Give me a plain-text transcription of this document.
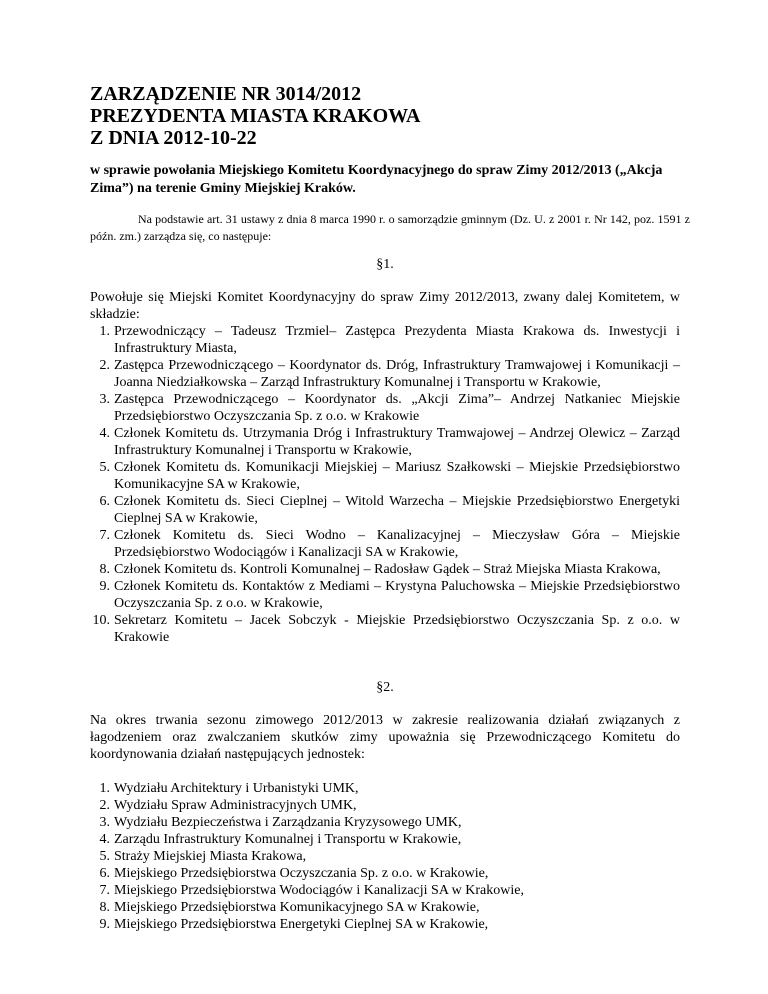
ZARZĄDZENIE NR 3014/2012

PREZYDENTA MIASTA KRAKOWA

Z DNIA 2012-10-22

w sprawie powołania Miejskiego Komitetu Koordynacyjnego do spraw Zimy 2012/2013 („Akcja Zima”) na terenie Gminy Miejskiej Kraków.
Na podstawie art. 31 ustawy z dnia 8 marca 1990 r. o samorządzie gminnym (Dz. U. z 2001 r. Nr 142, poz. 1591 z późn. zm.) zarządza się, co następuje:
§1.
Powołuje się Miejski Komitet Koordynacyjny do spraw Zimy 2012/2013, zwany dalej Komitetem, w składzie:
1. Przewodniczący – Tadeusz Trzmiel– Zastępca Prezydenta Miasta Krakowa ds. Inwestycji i Infrastruktury Miasta,
2. Zastępca Przewodniczącego – Koordynator ds. Dróg, Infrastruktury Tramwajowej i Komunikacji – Joanna Niedziałkowska – Zarząd Infrastruktury Komunalnej i Transportu w Krakowie,
3. Zastępca Przewodniczącego – Koordynator ds. „Akcji Zima”– Andrzej Natkaniec Miejskie Przedsiębiorstwo Oczyszczania Sp. z o.o. w Krakowie
4. Członek Komitetu ds. Utrzymania Dróg i Infrastruktury Tramwajowej – Andrzej Olewicz – Zarząd Infrastruktury Komunalnej i Transportu w Krakowie,
5. Członek Komitetu ds. Komunikacji Miejskiej – Mariusz Szałkowski – Miejskie Przedsiębiorstwo Komunikacyjne SA w Krakowie,
6. Członek Komitetu ds. Sieci Cieplnej – Witold Warzecha – Miejskie Przedsiębiorstwo Energetyki Cieplnej SA w Krakowie,
7. Członek Komitetu ds. Sieci Wodno – Kanalizacyjnej – Mieczysław Góra – Miejskie Przedsiębiorstwo Wodociągów i Kanalizacji SA w Krakowie,
8. Członek Komitetu ds. Kontroli Komunalnej – Radosław Gądek – Straż Miejska Miasta Krakowa,
9. Członek Komitetu ds. Kontaktów z Mediami – Krystyna Paluchowska – Miejskie Przedsiębiorstwo Oczyszczania Sp. z o.o. w Krakowie,
10. Sekretarz Komitetu – Jacek Sobczyk - Miejskie Przedsiębiorstwo Oczyszczania Sp. z o.o. w Krakowie
§2.
Na okres trwania sezonu zimowego 2012/2013 w zakresie realizowania działań związanych z łagodzeniem oraz zwalczaniem skutków zimy upoważnia się Przewodniczącego Komitetu do koordynowania działań następujących jednostek:
1. Wydziału Architektury i Urbanistyki UMK,
2. Wydziału Spraw Administracyjnych UMK,
3. Wydziału Bezpieczeństwa i Zarządzania Kryzysowego UMK,
4. Zarządu Infrastruktury Komunalnej i Transportu w Krakowie,
5. Straży Miejskiej Miasta Krakowa,
6. Miejskiego Przedsiębiorstwa Oczyszczania Sp. z o.o. w Krakowie,
7. Miejskiego Przedsiębiorstwa Wodociągów i Kanalizacji SA w Krakowie,
8. Miejskiego Przedsiębiorstwa Komunikacyjnego SA w Krakowie,
9. Miejskiego Przedsiębiorstwa Energetyki Cieplnej SA w Krakowie,
